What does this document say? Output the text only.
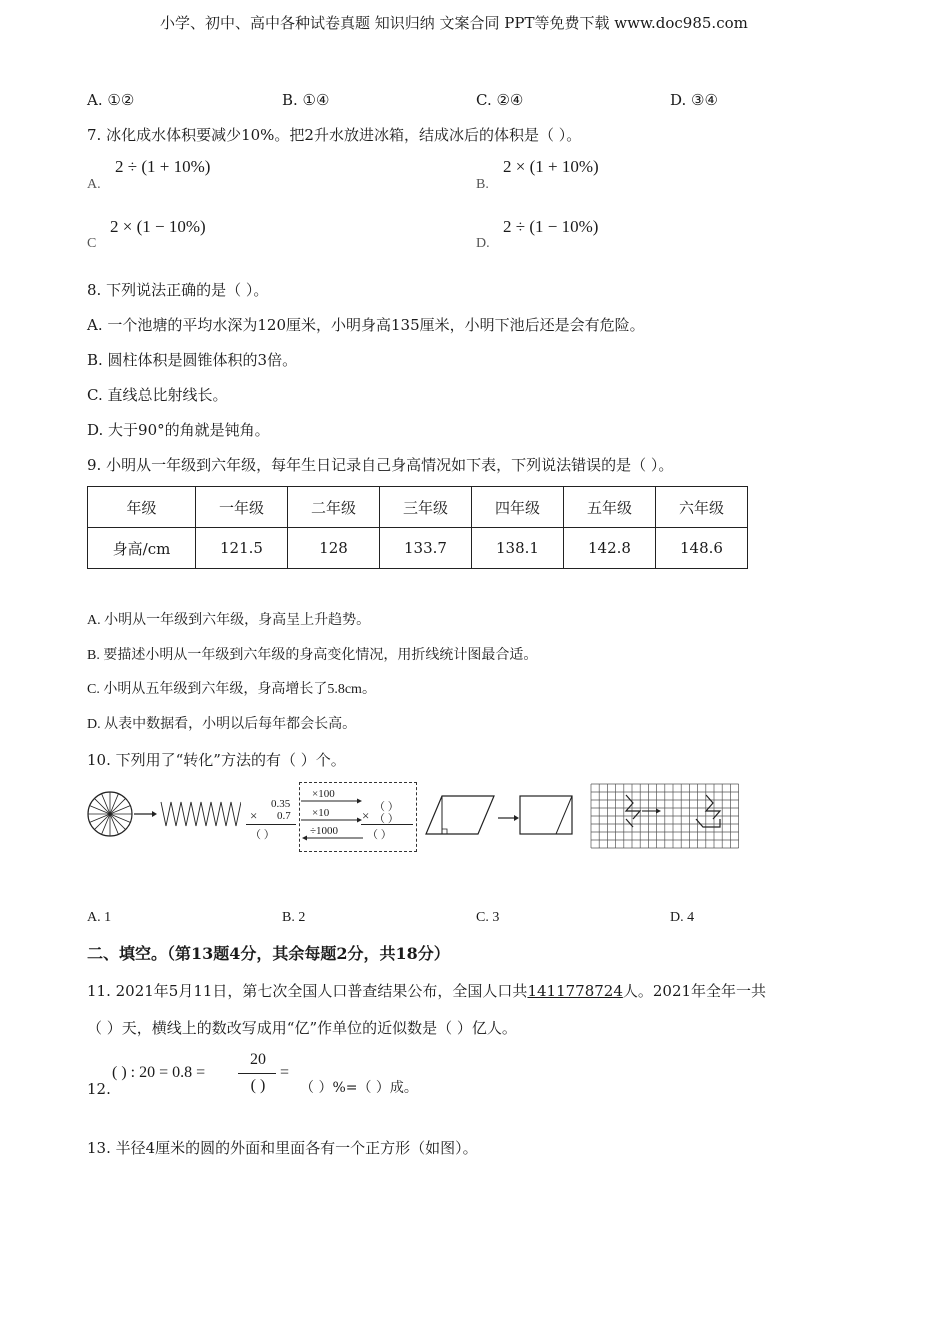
小学、初中、高中各种试卷真题 知识归纳 文案合同 PPT等免费下载 www.doc985.com
A. ①②	B. ①④	C. ②④	D. ③④
7. 冰化成水体积要减少10%。把2升水放进冰箱，结成冰后的体积是（ ）。
A.
2 ÷ (1 + 10%)
B.
2 × (1 + 10%)
C
2 × (1 − 10%)
D.
2 ÷ (1 − 10%)
8. 下列说法正确的是（ ）。
A. 一个池塘的平均水深为120厘米，小明身高135厘米，小明下池后还是会有危险。
B. 圆柱体积是圆锥体积的3倍。
C. 直线总比射线长。
D. 大于90°的角就是钝角。
9. 小明从一年级到六年级，每年生日记录自己身高情况如下表，下列说法错误的是（ ）。
年级	一年级	二年级	三年级	四年级	五年级	六年级
身高/cm	121.5	128	133.7	138.1	142.8	148.6
A. 小明从一年级到六年级，身高呈上升趋势。
B. 要描述小明从一年级到六年级的身高变化情况，用折线统计图最合适。
C. 小明从五年级到六年级，身高增长了5.8cm。
D. 从表中数据看，小明以后每年都会长高。
10. 下列用了“转化”方法的有（ ）个。
0.35
× 0.7
（ ）
×100
×10
÷1000
（ ）
× （ ）
（ ）
A. 1	B. 2	C. 3	D. 4
二、填空。（第13题4分，其余每题2分，共18分）
11. 2021年5月11日，第七次全国人口普查结果公布，全国人口共1411778724人。2021年全年一共
（ ）天，横线上的数改写成用“亿”作单位的近似数是（ ）亿人。
12.
( ) : 20 = 0.8 =
20
( )
=
（ ）%=（ ）成。
13. 半径4厘米的圆的外面和里面各有一个正方形（如图）。
